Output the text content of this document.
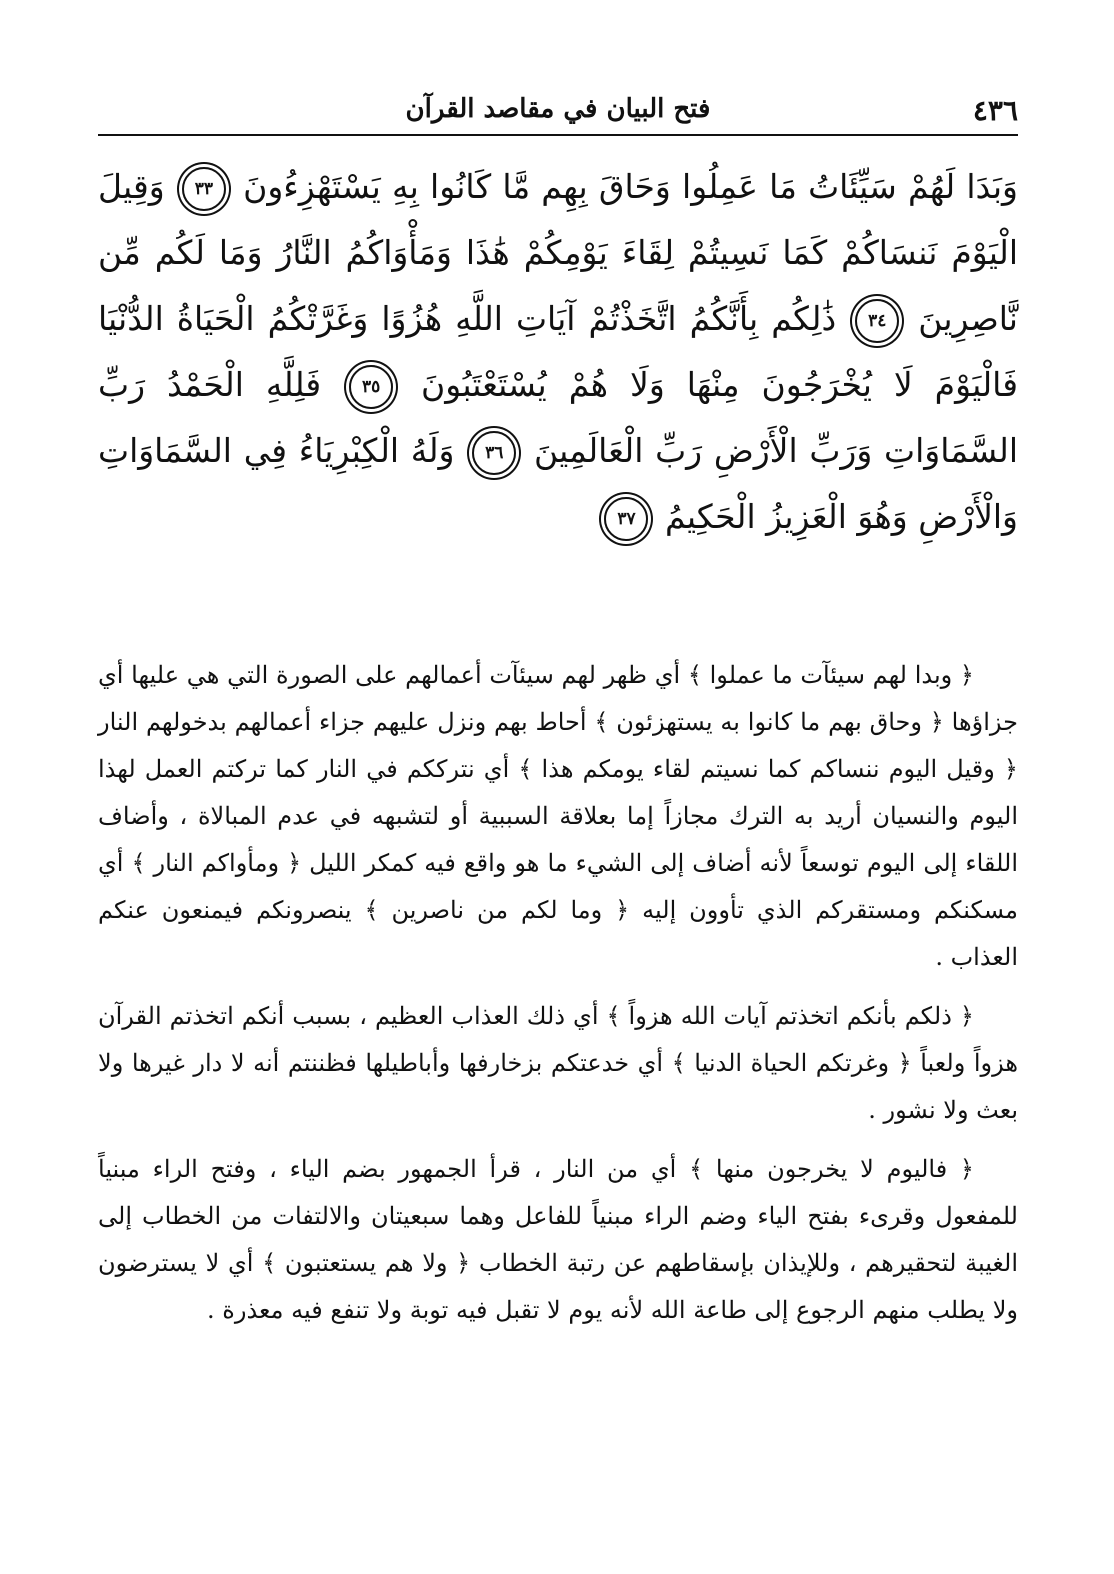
٤٣٦
فتح البيان في مقاصد القرآن
وَبَدَا لَهُمْ سَيِّئَاتُ مَا عَمِلُوا وَحَاقَ بِهِم مَّا كَانُوا بِهِ يَسْتَهْزِءُونَ ٣٣ وَقِيلَ الْيَوْمَ نَنسَاكُمْ كَمَا نَسِيتُمْ لِقَاءَ يَوْمِكُمْ هَٰذَا وَمَأْوَاكُمُ النَّارُ وَمَا لَكُم مِّن نَّاصِرِينَ ٣٤ ذَٰلِكُم بِأَنَّكُمُ اتَّخَذْتُمْ آيَاتِ اللَّهِ هُزُوًا وَغَرَّتْكُمُ الْحَيَاةُ الدُّنْيَا فَالْيَوْمَ لَا يُخْرَجُونَ مِنْهَا وَلَا هُمْ يُسْتَعْتَبُونَ ٣٥ فَلِلَّهِ الْحَمْدُ رَبِّ السَّمَاوَاتِ وَرَبِّ الْأَرْضِ رَبِّ الْعَالَمِينَ ٣٦ وَلَهُ الْكِبْرِيَاءُ فِي السَّمَاوَاتِ وَالْأَرْضِ وَهُوَ الْعَزِيزُ الْحَكِيمُ ٣٧

﴿ وبدا لهم سيئآت ما عملوا ﴾ أي ظهر لهم سيئآت أعمالهم على الصورة التي هي عليها أي جزاؤها ﴿ وحاق بهم ما كانوا به يستهزئون ﴾ أحاط بهم ونزل عليهم جزاء أعمالهم بدخولهم النار ﴿ وقيل اليوم ننساكم كما نسيتم لقاء يومكم هذا ﴾ أي نترككم في النار كما تركتم العمل لهذا اليوم والنسيان أريد به الترك مجازاً إما بعلاقة السببية أو لتشبهه في عدم المبالاة ، وأضاف اللقاء إلى اليوم توسعاً لأنه أضاف إلى الشيء ما هو واقع فيه كمكر الليل ﴿ ومأواكم النار ﴾ أي مسكنكم ومستقركم الذي تأوون إليه ﴿ وما لكم من ناصرين ﴾ ينصرونكم فيمنعون عنكم العذاب .

﴿ ذلكم بأنكم اتخذتم آيات الله هزواً ﴾ أي ذلك العذاب العظيم ، بسبب أنكم اتخذتم القرآن هزواً ولعباً ﴿ وغرتكم الحياة الدنيا ﴾ أي خدعتكم بزخارفها وأباطيلها فظننتم أنه لا دار غيرها ولا بعث ولا نشور .

﴿ فاليوم لا يخرجون منها ﴾ أي من النار ، قرأ الجمهور بضم الياء ، وفتح الراء مبنياً للمفعول وقرىء بفتح الياء وضم الراء مبنياً للفاعل وهما سبعيتان والالتفات من الخطاب إلى الغيبة لتحقيرهم ، وللإيذان بإسقاطهم عن رتبة الخطاب ﴿ ولا هم يستعتبون ﴾ أي لا يسترضون ولا يطلب منهم الرجوع إلى طاعة الله لأنه يوم لا تقبل فيه توبة ولا تنفع فيه معذرة .
